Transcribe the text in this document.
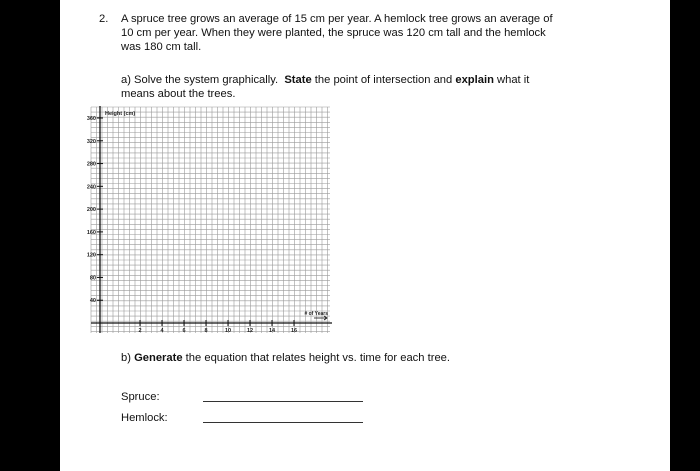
2. A spruce tree grows an average of 15 cm per year. A hemlock tree grows an average of
10 cm per year. When they were planted, the spruce was 120 cm tall and the hemlock
was 180 cm tall.
a) Solve the system graphically. State the point of intersection and explain what it
means about the trees.
40
80
120
160
200
240
280
320
360
2	4	6	8	10	12	14	16
Height (cm)
# of Years
b) Generate the equation that relates height vs. time for each tree.
Spruce:
Hemlock:
